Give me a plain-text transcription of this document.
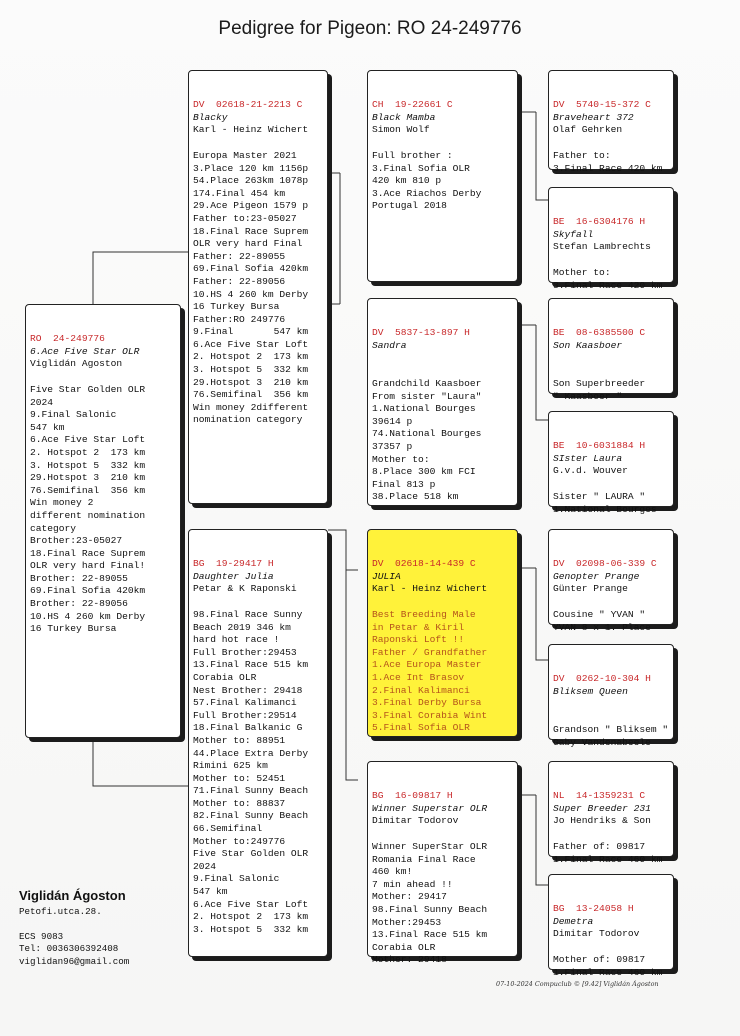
Pedigree for Pigeon: RO 24-249776

RO  24-249776
6.Ace Five Star OLR
Viglidán Agoston
Five Star Golden OLR
2024
9.Final Salonic
547 km
6.Ace Five Star Loft
2. Hotspot 2  173 km
3. Hotspot 5  332 km
29.Hotspot 3  210 km
76.Semifinal  356 km
Win money 2
different nomination
category
Brother:23-05027
18.Final Race Suprem
OLR very hard Final!
Brother: 22-89055
69.Final Sofia 420km
Brother: 22-89056
10.HS 4 260 km Derby
16 Turkey Bursa

DV  02618-21-2213 C
Blacky
Karl - Heinz Wichert
Europa Master 2021
3.Place 120 km 1156p
54.Place 263km 1078p
174.Final 454 km
29.Ace Pigeon 1579 p
Father to:23-05027
18.Final Race Suprem
OLR very hard Final
Father: 22-89055
69.Final Sofia 420km
Father: 22-89056
10.HS 4 260 km Derby
16 Turkey Bursa
Father:RO 249776
9.Final       547 km
6.Ace Five Star Loft
2. Hotspot 2  173 km
3. Hotspot 5  332 km
29.Hotspot 3  210 km
76.Semifinal  356 km
Win money 2different
nomination category

BG  19-29417 H
Daughter Julia
Petar & K Raponski
98.Final Race Sunny
Beach 2019 346 km
hard hot race !
Full Brother:29453
13.Final Race 515 km
Corabia OLR
Nest Brother: 29418
57.Final Kalimanci
Full Brother:29514
18.Final Balkanic G
Mother to: 88951
44.Place Extra Derby
Rimini 625 km
Mother to: 52451
71.Final Sunny Beach
Mother to: 88837
82.Final Sunny Beach
66.Semifinal
Mother to:249776
Five Star Golden OLR
2024
9.Final Salonic
547 km
6.Ace Five Star Loft
2. Hotspot 2  173 km
3. Hotspot 5  332 km

CH  19-22661 C
Black Mamba
Simon Wolf
Full brother :
3.Final Sofia OLR
420 km 810 p
3.Ace Riachos Derby
Portugal 2018

DV  5837-13-897 H
Sandra
Grandchild Kaasboer
From sister "Laura"
1.National Bourges
39614 p
74.National Bourges
37357 p
Mother to:
8.Place 300 km FCI
Final 813 p
38.Place 518 km

DV  02618-14-439 C
JULIA
Karl - Heinz Wichert
Best Breeding Male
in Petar & Kiril
Raponski Loft !!
Father / Grandfather
1.Ace Europa Master
1.Ace Int Brasov
2.Final Kalimanci
3.Final Derby Bursa
3.Final Corabia Wint
5.Final Sofia OLR

BG  16-09817 H
Winner Superstar OLR
Dimitar Todorov
Winner SuperStar OLR
Romania Final Race
460 km!
7 min ahead !!
Mother: 29417
98.Final Sunny Beach
Mother:29453
13.Final Race 515 km
Corabia OLR
Mother: 29418

DV  5740-15-372 C
Braveheart 372
Olaf Gehrken
Father to:
3.Final Race 420 km

BE  16-6304176 H
Skyfall
Stefan Lambrechts
Mother to:
3.Final Race 420 km

BE  08-6385500 C
Son Kaasboer
Son Superbreeder
" Kaasboer "

BE  10-6031884 H
SIster Laura
G.v.d. Wouver
Sister " LAURA "
1.National Bourges

DV  02098-06-339 C
Genopter Prange
Günter Prange
Cousine " YVAN "
YVAN 8 x 1. Place

DV  0262-10-304 H
Bliksem Queen
Grandson " Bliksem "
Gaby Vandenabeele

NL  14-1359231 C
Super Breeder 231
Jo Hendriks & Son
Father of: 09817
1.Final Race 460 km

BG  13-24058 H
Demetra
Dimitar Todorov
Mother of: 09817
1.Final Race 460 km

Viglidán Ágoston
Petofi.utca.28.
ECS 9083
Tel: 0036306392408
viglidan96@gmail.com
07-10-2024 Compuclub © [9.42] Viglidán Ágoston
